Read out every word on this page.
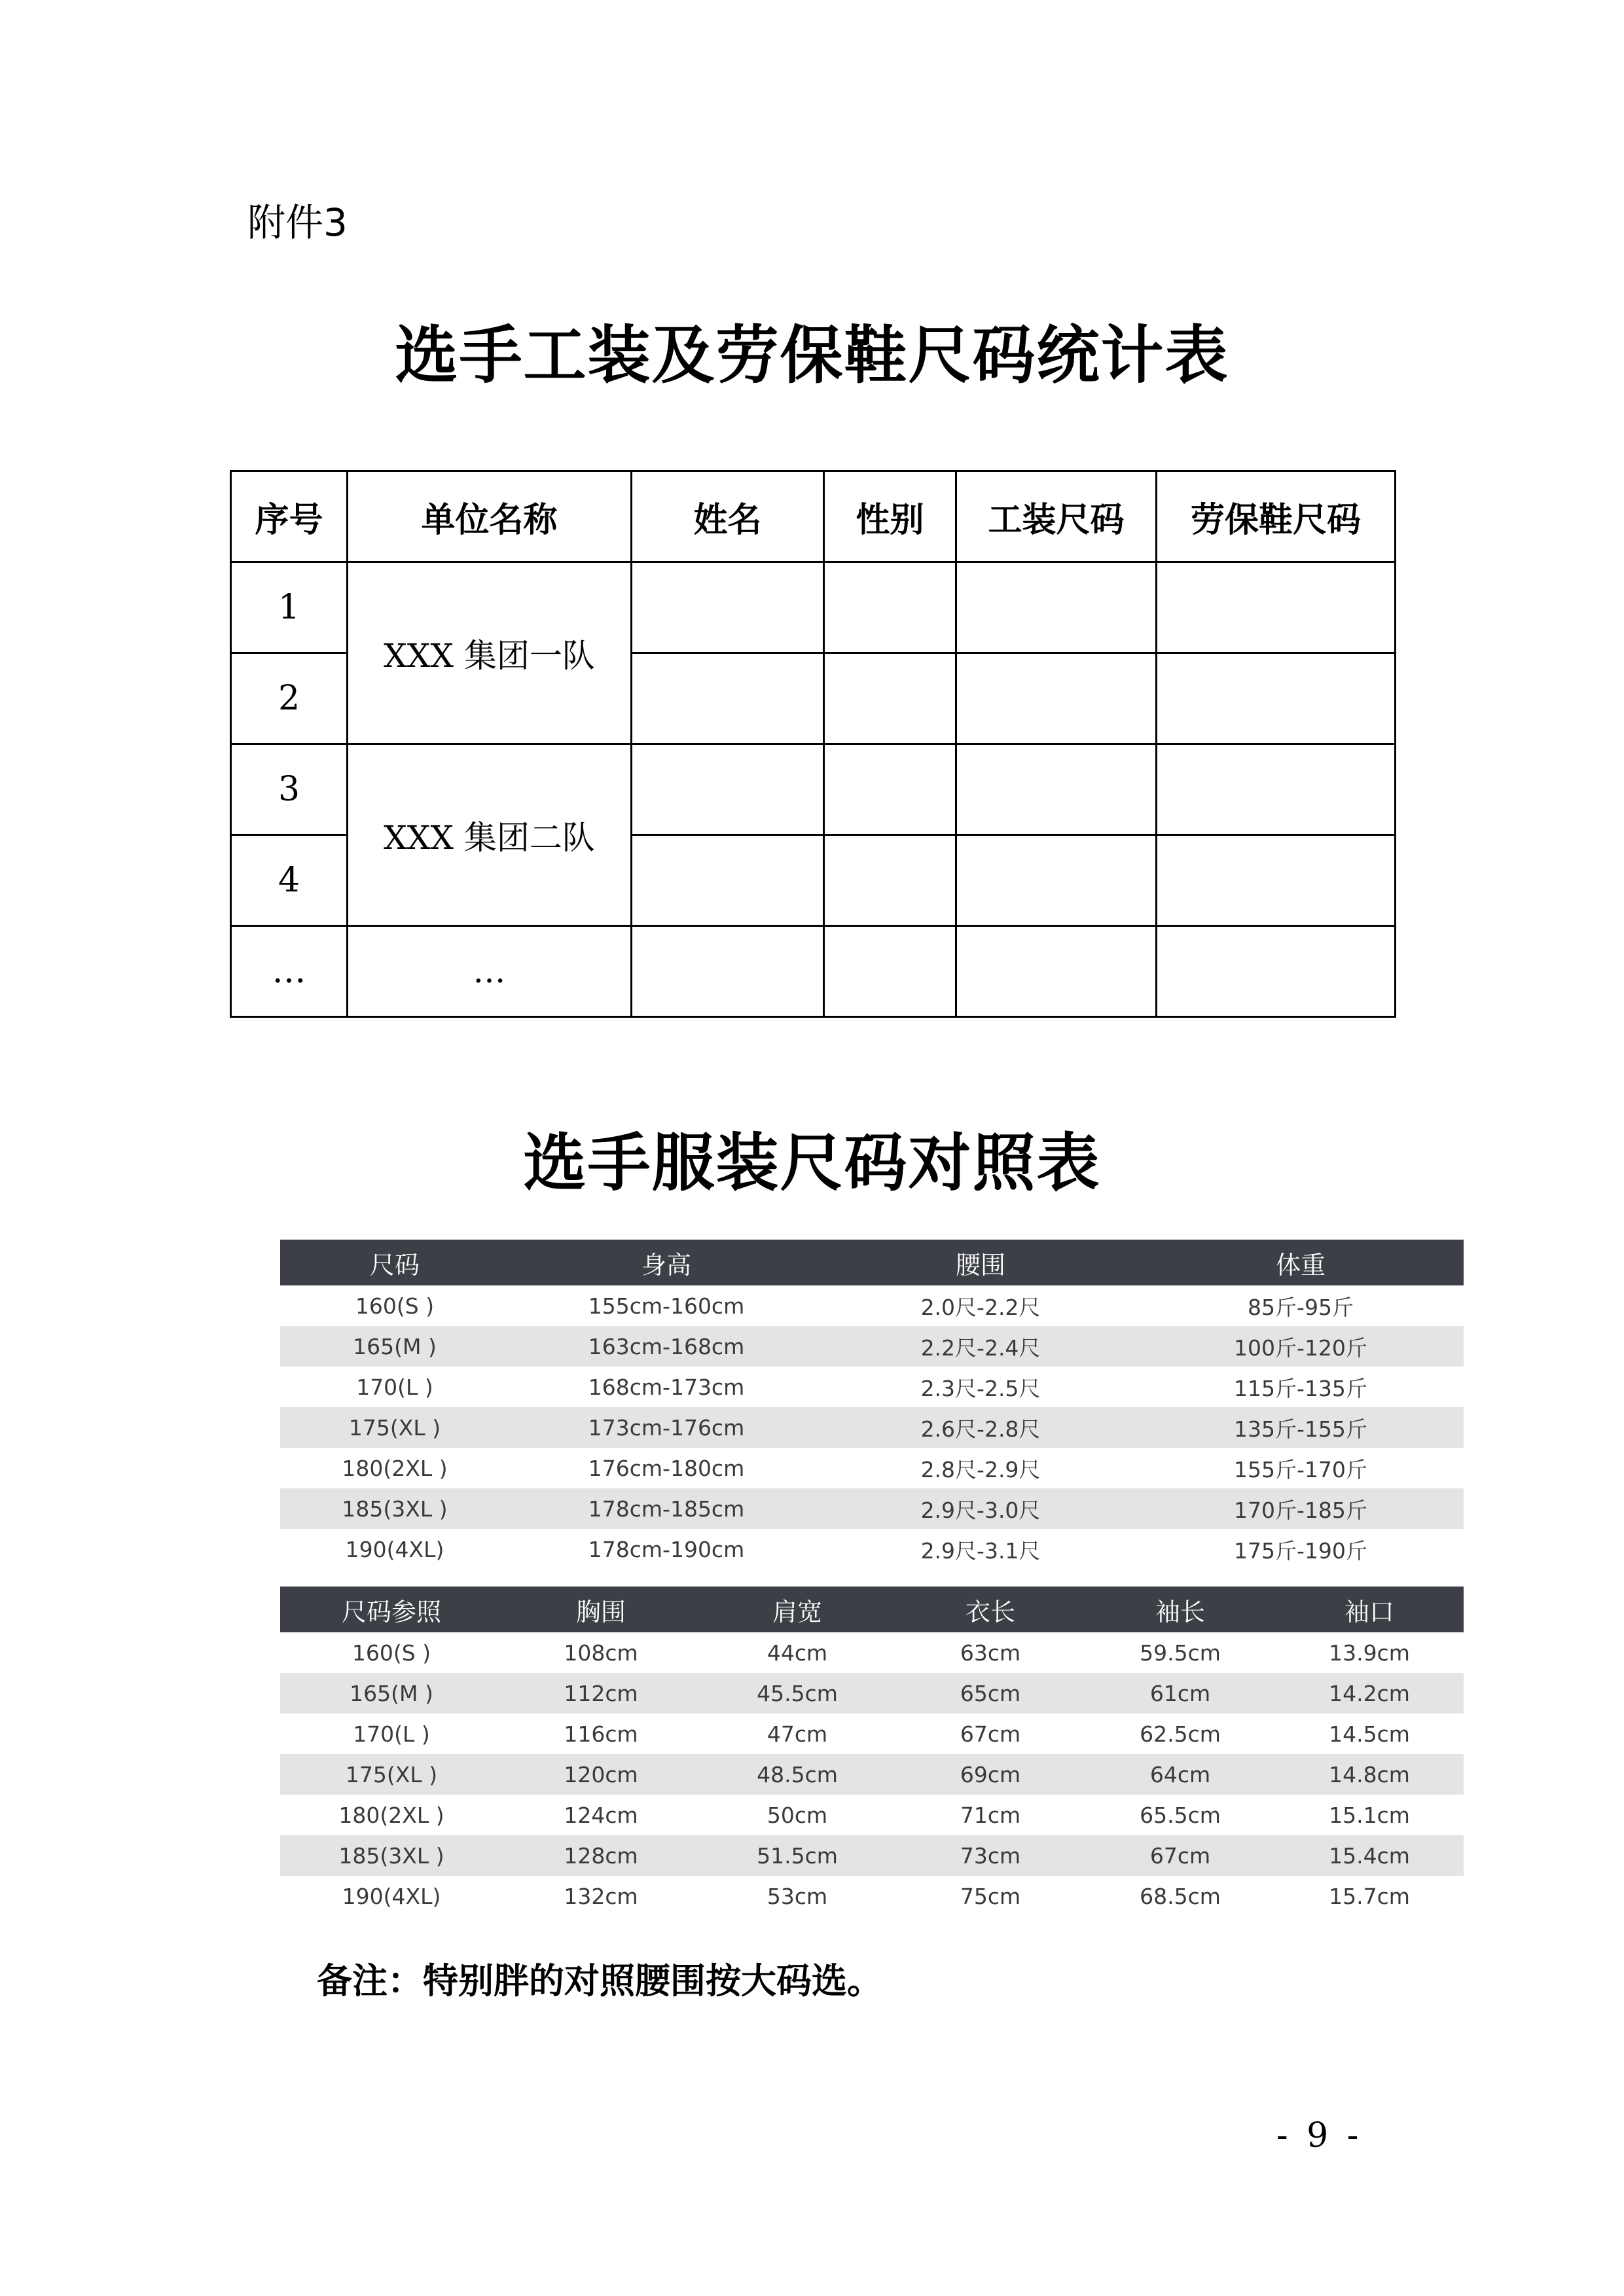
附件3
选手工装及劳保鞋尺码统计表
序号	单位名称	姓名	性别	工装尺码	劳保鞋尺码
1	XXX 集团一队				
2					
3	XXX 集团二队				
4					
…	…				
选手服装尺码对照表
尺码	身高	腰围	体重
160(S )	155cm-160cm	2.0尺-2.2尺	85斤-95斤
165(M )	163cm-168cm	2.2尺-2.4尺	100斤-120斤
170(L )	168cm-173cm	2.3尺-2.5尺	115斤-135斤
175(XL )	173cm-176cm	2.6尺-2.8尺	135斤-155斤
180(2XL )	176cm-180cm	2.8尺-2.9尺	155斤-170斤
185(3XL )	178cm-185cm	2.9尺-3.0尺	170斤-185斤
190(4XL)	178cm-190cm	2.9尺-3.1尺	175斤-190斤
尺码参照	胸围	肩宽	衣长	袖长	袖口
160(S )	108cm	44cm	63cm	59.5cm	13.9cm
165(M )	112cm	45.5cm	65cm	61cm	14.2cm
170(L )	116cm	47cm	67cm	62.5cm	14.5cm
175(XL )	120cm	48.5cm	69cm	64cm	14.8cm
180(2XL )	124cm	50cm	71cm	65.5cm	15.1cm
185(3XL )	128cm	51.5cm	73cm	67cm	15.4cm
190(4XL)	132cm	53cm	75cm	68.5cm	15.7cm
备注：特别胖的对照腰围按大码选。
- 9 -
